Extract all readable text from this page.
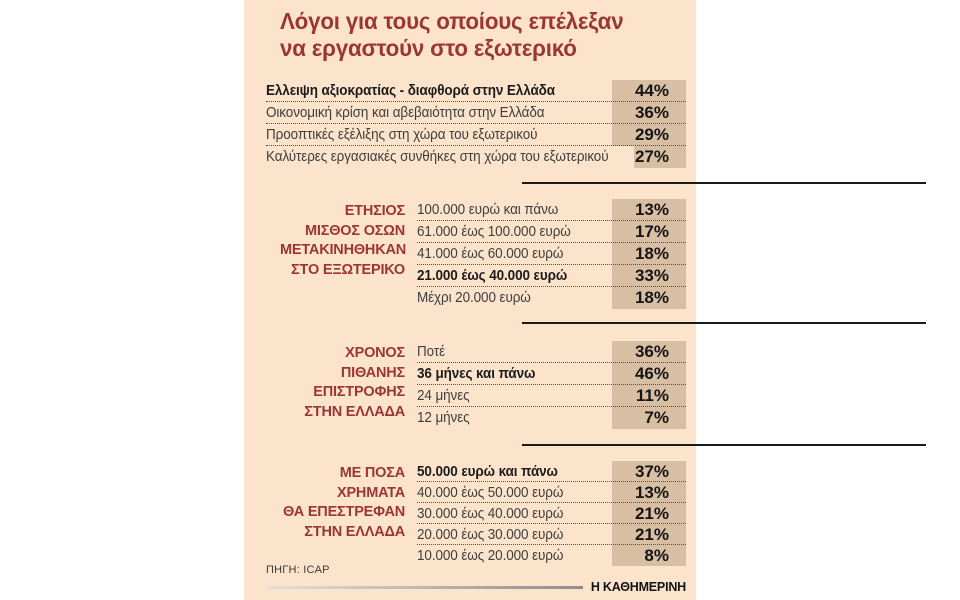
Λόγοι για τους οποίους επέλεξαν
να εργαστούν στο εξωτερικό
Ελλειψη αξιοκρατίας - διαφθορά στην Ελλάδα	44%
Οικονομική κρίση και αβεβαιότητα στην Ελλάδα	36%
Προοπτικές εξέλιξης στη χώρα του εξωτερικού	29%
Καλύτερες εργασιακές συνθήκες στη χώρα του εξωτερικού 27%
ΕΤΗΣΙΟΣ
ΜΙΣΘΟΣ ΟΣΩΝ
ΜΕΤΑΚΙΝΗΘΗΚΑΝ
ΣΤΟ ΕΞΩΤΕΡΙΚΟ
100.000 ευρώ και πάνω	13%
61.000 έως 100.000 ευρώ	17%
41.000 έως 60.000 ευρώ	18%
21.000 έως 40.000 ευρώ	33%
Μέχρι 20.000 ευρώ	18%
ΧΡΟΝΟΣ
ΠΙΘΑΝΗΣ
ΕΠΙΣΤΡΟΦΗΣ
ΣΤΗΝ ΕΛΛΑΔΑ
Ποτέ	36%
36 μήνες και πάνω	46%
24 μήνες	11%
12 μήνες	7%
ΜΕ ΠΟΣΑ
ΧΡΗΜΑΤΑ
ΘΑ ΕΠΕΣΤΡΕΦΑΝ
ΣΤΗΝ ΕΛΛΑΔΑ
50.000 ευρώ και πάνω	37%
40.000 έως 50.000 ευρώ	13%
30.000 έως 40.000 ευρώ	21%
20.000 έως 30.000 ευρώ	21%
10.000 έως 20.000 ευρώ	8%
ΠΗΓΗ: ICAP
Η ΚΑΘΗΜΕΡΙΝΗ
